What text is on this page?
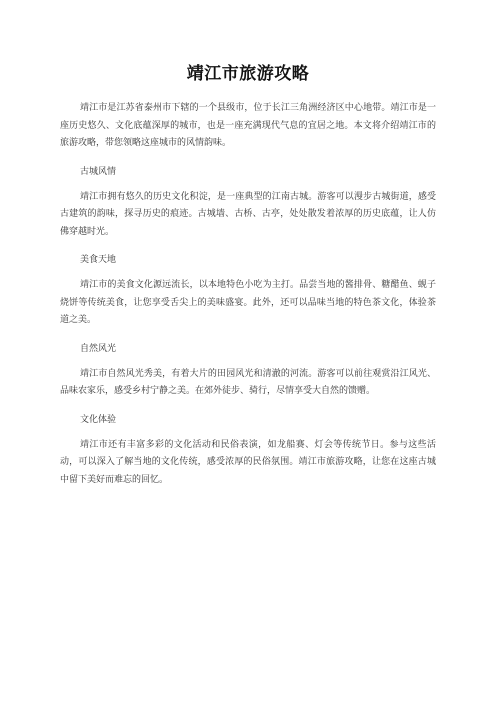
靖江市旅游攻略

靖江市是江苏省泰州市下辖的一个县级市，位于长江三角洲经济区中心地带。靖江市是一座历史悠久、文化底蕴深厚的城市，也是一座充满现代气息的宜居之地。本文将介绍靖江市的旅游攻略，带您领略这座城市的风情韵味。

古城风情

靖江市拥有悠久的历史文化积淀，是一座典型的江南古城。游客可以漫步古城街道，感受古建筑的韵味，探寻历史的痕迹。古城墙、古桥、古亭，处处散发着浓厚的历史底蕴，让人仿佛穿越时光。

美食天地

靖江市的美食文化源远流长，以本地特色小吃为主打。品尝当地的酱排骨、糖醋鱼、蚬子烧饼等传统美食，让您享受舌尖上的美味盛宴。此外，还可以品味当地的特色茶文化，体验茶道之美。

自然风光

靖江市自然风光秀美，有着大片的田园风光和清澈的河流。游客可以前往观赏沿江风光、品味农家乐，感受乡村宁静之美。在郊外徒步、骑行，尽情享受大自然的馈赠。

文化体验

靖江市还有丰富多彩的文化活动和民俗表演，如龙船赛、灯会等传统节日。参与这些活动，可以深入了解当地的文化传统，感受浓厚的民俗氛围。靖江市旅游攻略，让您在这座古城中留下美好而难忘的回忆。
